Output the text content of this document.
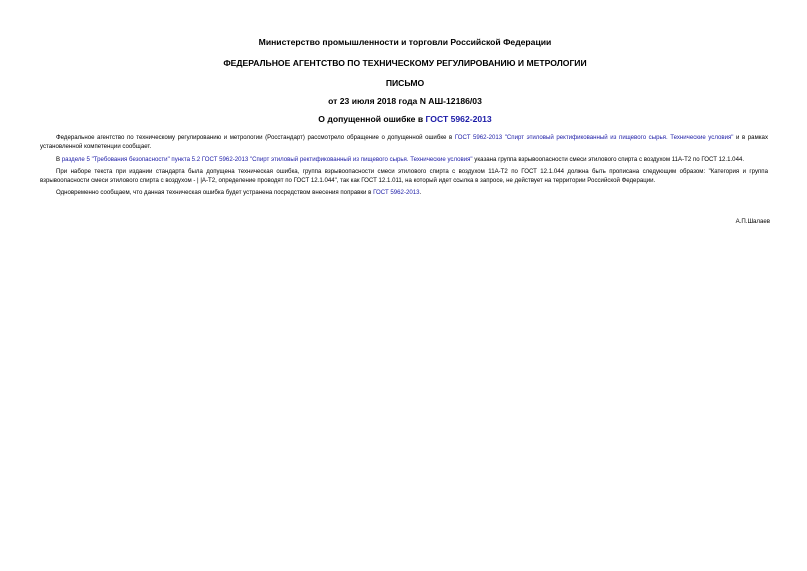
Министерство промышленности и торговли Российской Федерации
ФЕДЕРАЛЬНОЕ АГЕНТСТВО ПО ТЕХНИЧЕСКОМУ РЕГУЛИРОВАНИЮ И МЕТРОЛОГИИ
ПИСЬМО
от 23 июля 2018 года N АШ-12186/03
О допущенной ошибке в ГОСТ 5962-2013

Федеральное агентство по техническому регулированию и метрологии (Росстандарт) рассмотрело обращение о допущенной ошибке в ГОСТ 5962-2013 "Спирт этиловый ректификованный из пищевого сырья. Технические условия" и в рамках установленной компетенции сообщает.

В разделе 5 "Требования безопасности" пункта 5.2 ГОСТ 5962-2013 "Спирт этиловый ректификованный из пищевого сырья. Технические условия" указана группа взрывоопасности смеси этилового спирта с воздухом 11А-Т2 по ГОСТ 12.1.044.

При наборе текста при издании стандарта была допущена техническая ошибка, группа взрывоопасности смеси этилового спирта с воздухом 11А-Т2 по ГОСТ 12.1.044 должна быть прописана следующим образом: "Категория и группа взрывоопасности смеси этилового спирта с воздухом - | |А-Т2, определение проводят по ГОСТ 12.1.044", так как ГОСТ 12.1.011, на который идет ссылка в запросе, не действует на территории Российской Федерации.

Одновременно сообщаем, что данная техническая ошибка будет устранена посредством внесения поправки в ГОСТ 5962-2013.

А.П.Шалаев
